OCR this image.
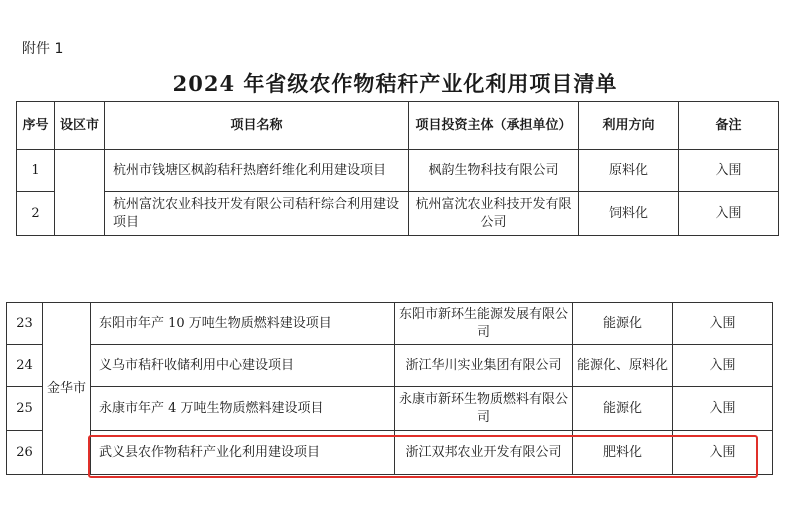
附件 1
2024 年省级农作物秸秆产业化利用项目清单
序号	设区市	项目名称	项目投资主体（承担单位）	利用方向	备注
1		杭州市钱塘区枫韵秸秆热磨纤维化利用建设项目	枫韵生物科技有限公司	原料化	入围
2		杭州富沈农业科技开发有限公司秸秆综合利用建设项目	杭州富沈农业科技开发有限公司	饲料化	入围
23	金华市	东阳市年产 10 万吨生物质燃料建设项目	东阳市新环生能源发展有限公司	能源化	入围
24		义乌市秸秆收储利用中心建设项目	浙江华川实业集团有限公司	能源化、原料化	入围
25		永康市年产 4 万吨生物质燃料建设项目	永康市新环生物质燃料有限公司	能源化	入围
26		武义县农作物秸秆产业化利用建设项目	浙江双邦农业开发有限公司	肥料化	入围
